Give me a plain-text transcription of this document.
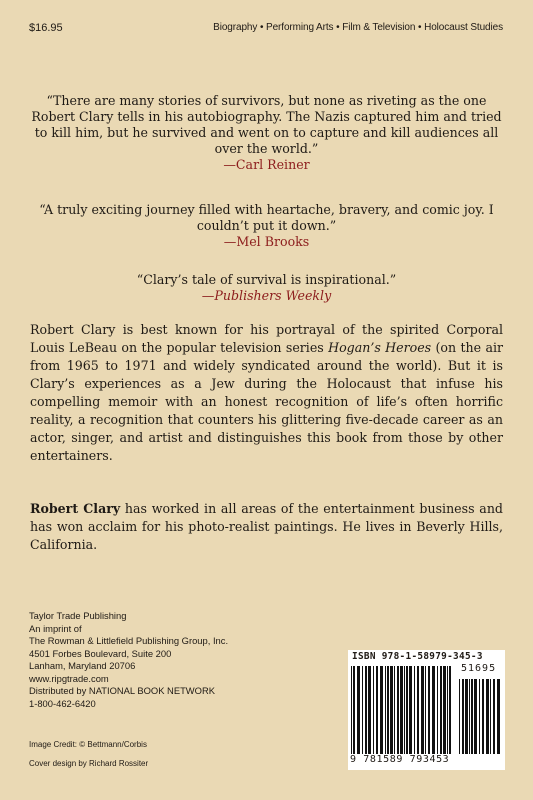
$16.95	Biography • Performing Arts • Film & Television • Holocaust Studies
“There are many stories of survivors, but none as riveting as the one Robert Clary tells in his autobiography. The Nazis captured him and tried to kill him, but he survived and went on to capture and kill audiences all over the world.”
—Carl Reiner
“A truly exciting journey filled with heartache, bravery, and comic joy. I couldn’t put it down.”
—Mel Brooks
“Clary’s tale of survival is inspirational.”
—Publishers Weekly
Robert Clary is best known for his portrayal of the spirited Corporal Louis LeBeau on the popular television series Hogan’s Heroes (on the air from 1965 to 1971 and widely syndicated around the world). But it is Clary’s experiences as a Jew during the Holocaust that infuse his compelling memoir with an honest recognition of life’s often horrific reality, a recognition that counters his glittering five-decade career as an actor, singer, and artist and distinguishes this book from those by other entertainers.
Robert Clary has worked in all areas of the entertainment business and has won acclaim for his photo-realist paintings. He lives in Beverly Hills, California.
Taylor Trade Publishing
An imprint of
The Rowman & Littlefield Publishing Group, Inc.
4501 Forbes Boulevard, Suite 200
Lanham, Maryland 20706
www.ripgtrade.com
Distributed by NATIONAL BOOK NETWORK
1-800-462-6420
Image Credit: © Bettmann/Corbis
Cover design by Richard Rossiter
ISBN 978-1-58979-345-3
51695
9 781589 793453
